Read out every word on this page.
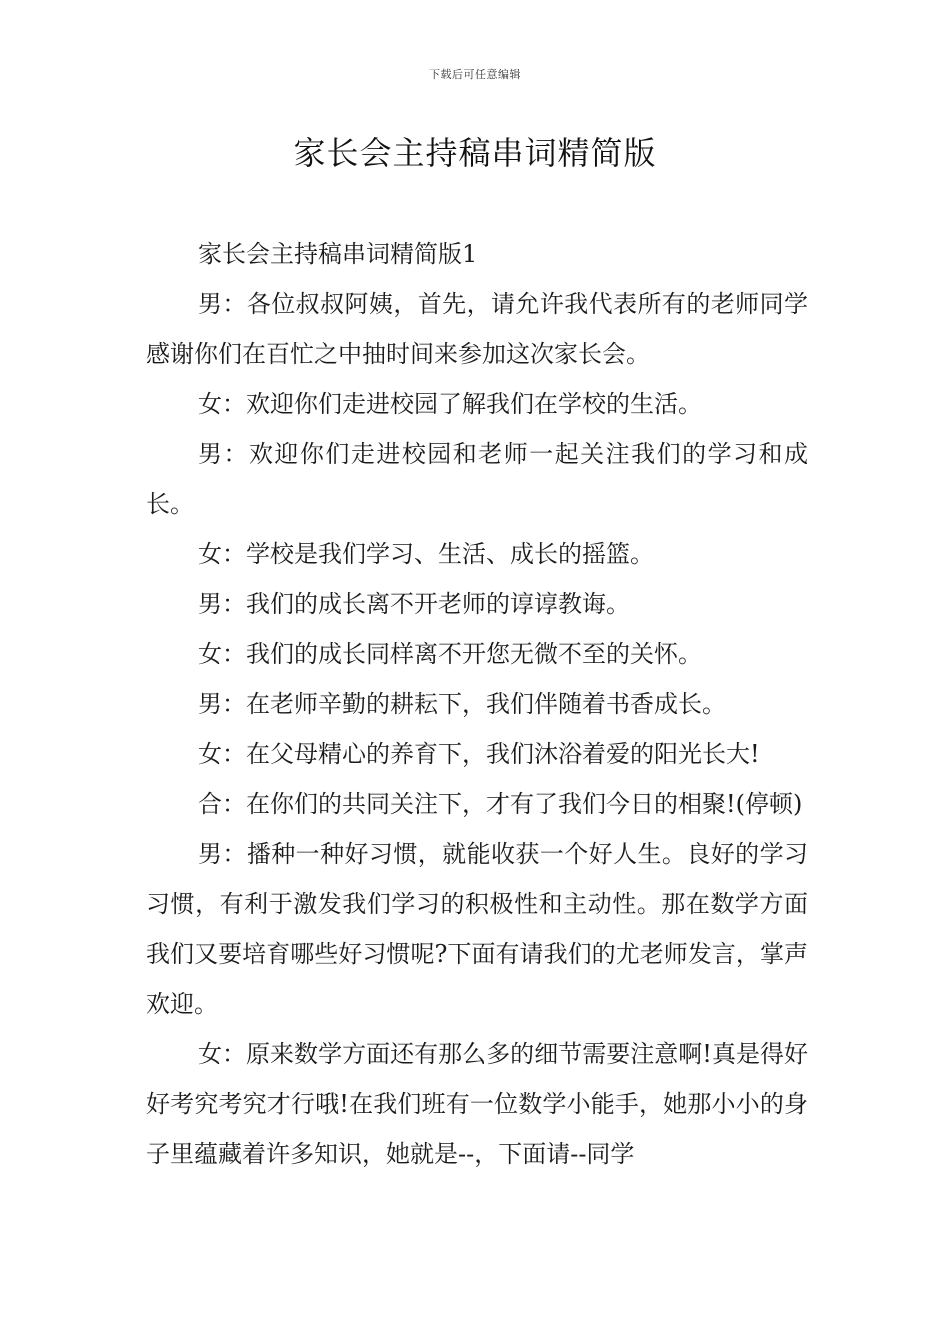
下载后可任意编辑
家长会主持稿串词精简版

家长会主持稿串词精简版1

男：各位叔叔阿姨，首先，请允许我代表所有的老师同学感谢你们在百忙之中抽时间来参加这次家长会。

女：欢迎你们走进校园了解我们在学校的生活。

男：欢迎你们走进校园和老师一起关注我们的学习和成长。

女：学校是我们学习、生活、成长的摇篮。

男：我们的成长离不开老师的谆谆教诲。

女：我们的成长同样离不开您无微不至的关怀。

男：在老师辛勤的耕耘下，我们伴随着书香成长。

女：在父母精心的养育下，我们沐浴着爱的阳光长大!

合：在你们的共同关注下，才有了我们今日的相聚!(停顿)

男：播种一种好习惯，就能收获一个好人生。良好的学习习惯，有利于激发我们学习的积极性和主动性。那在数学方面我们又要培育哪些好习惯呢?下面有请我们的尤老师发言，掌声欢迎。

女：原来数学方面还有那么多的细节需要注意啊!真是得好好考究考究才行哦!在我们班有一位数学小能手，她那小小的身子里蕴藏着许多知识，她就是--，下面请--同学
